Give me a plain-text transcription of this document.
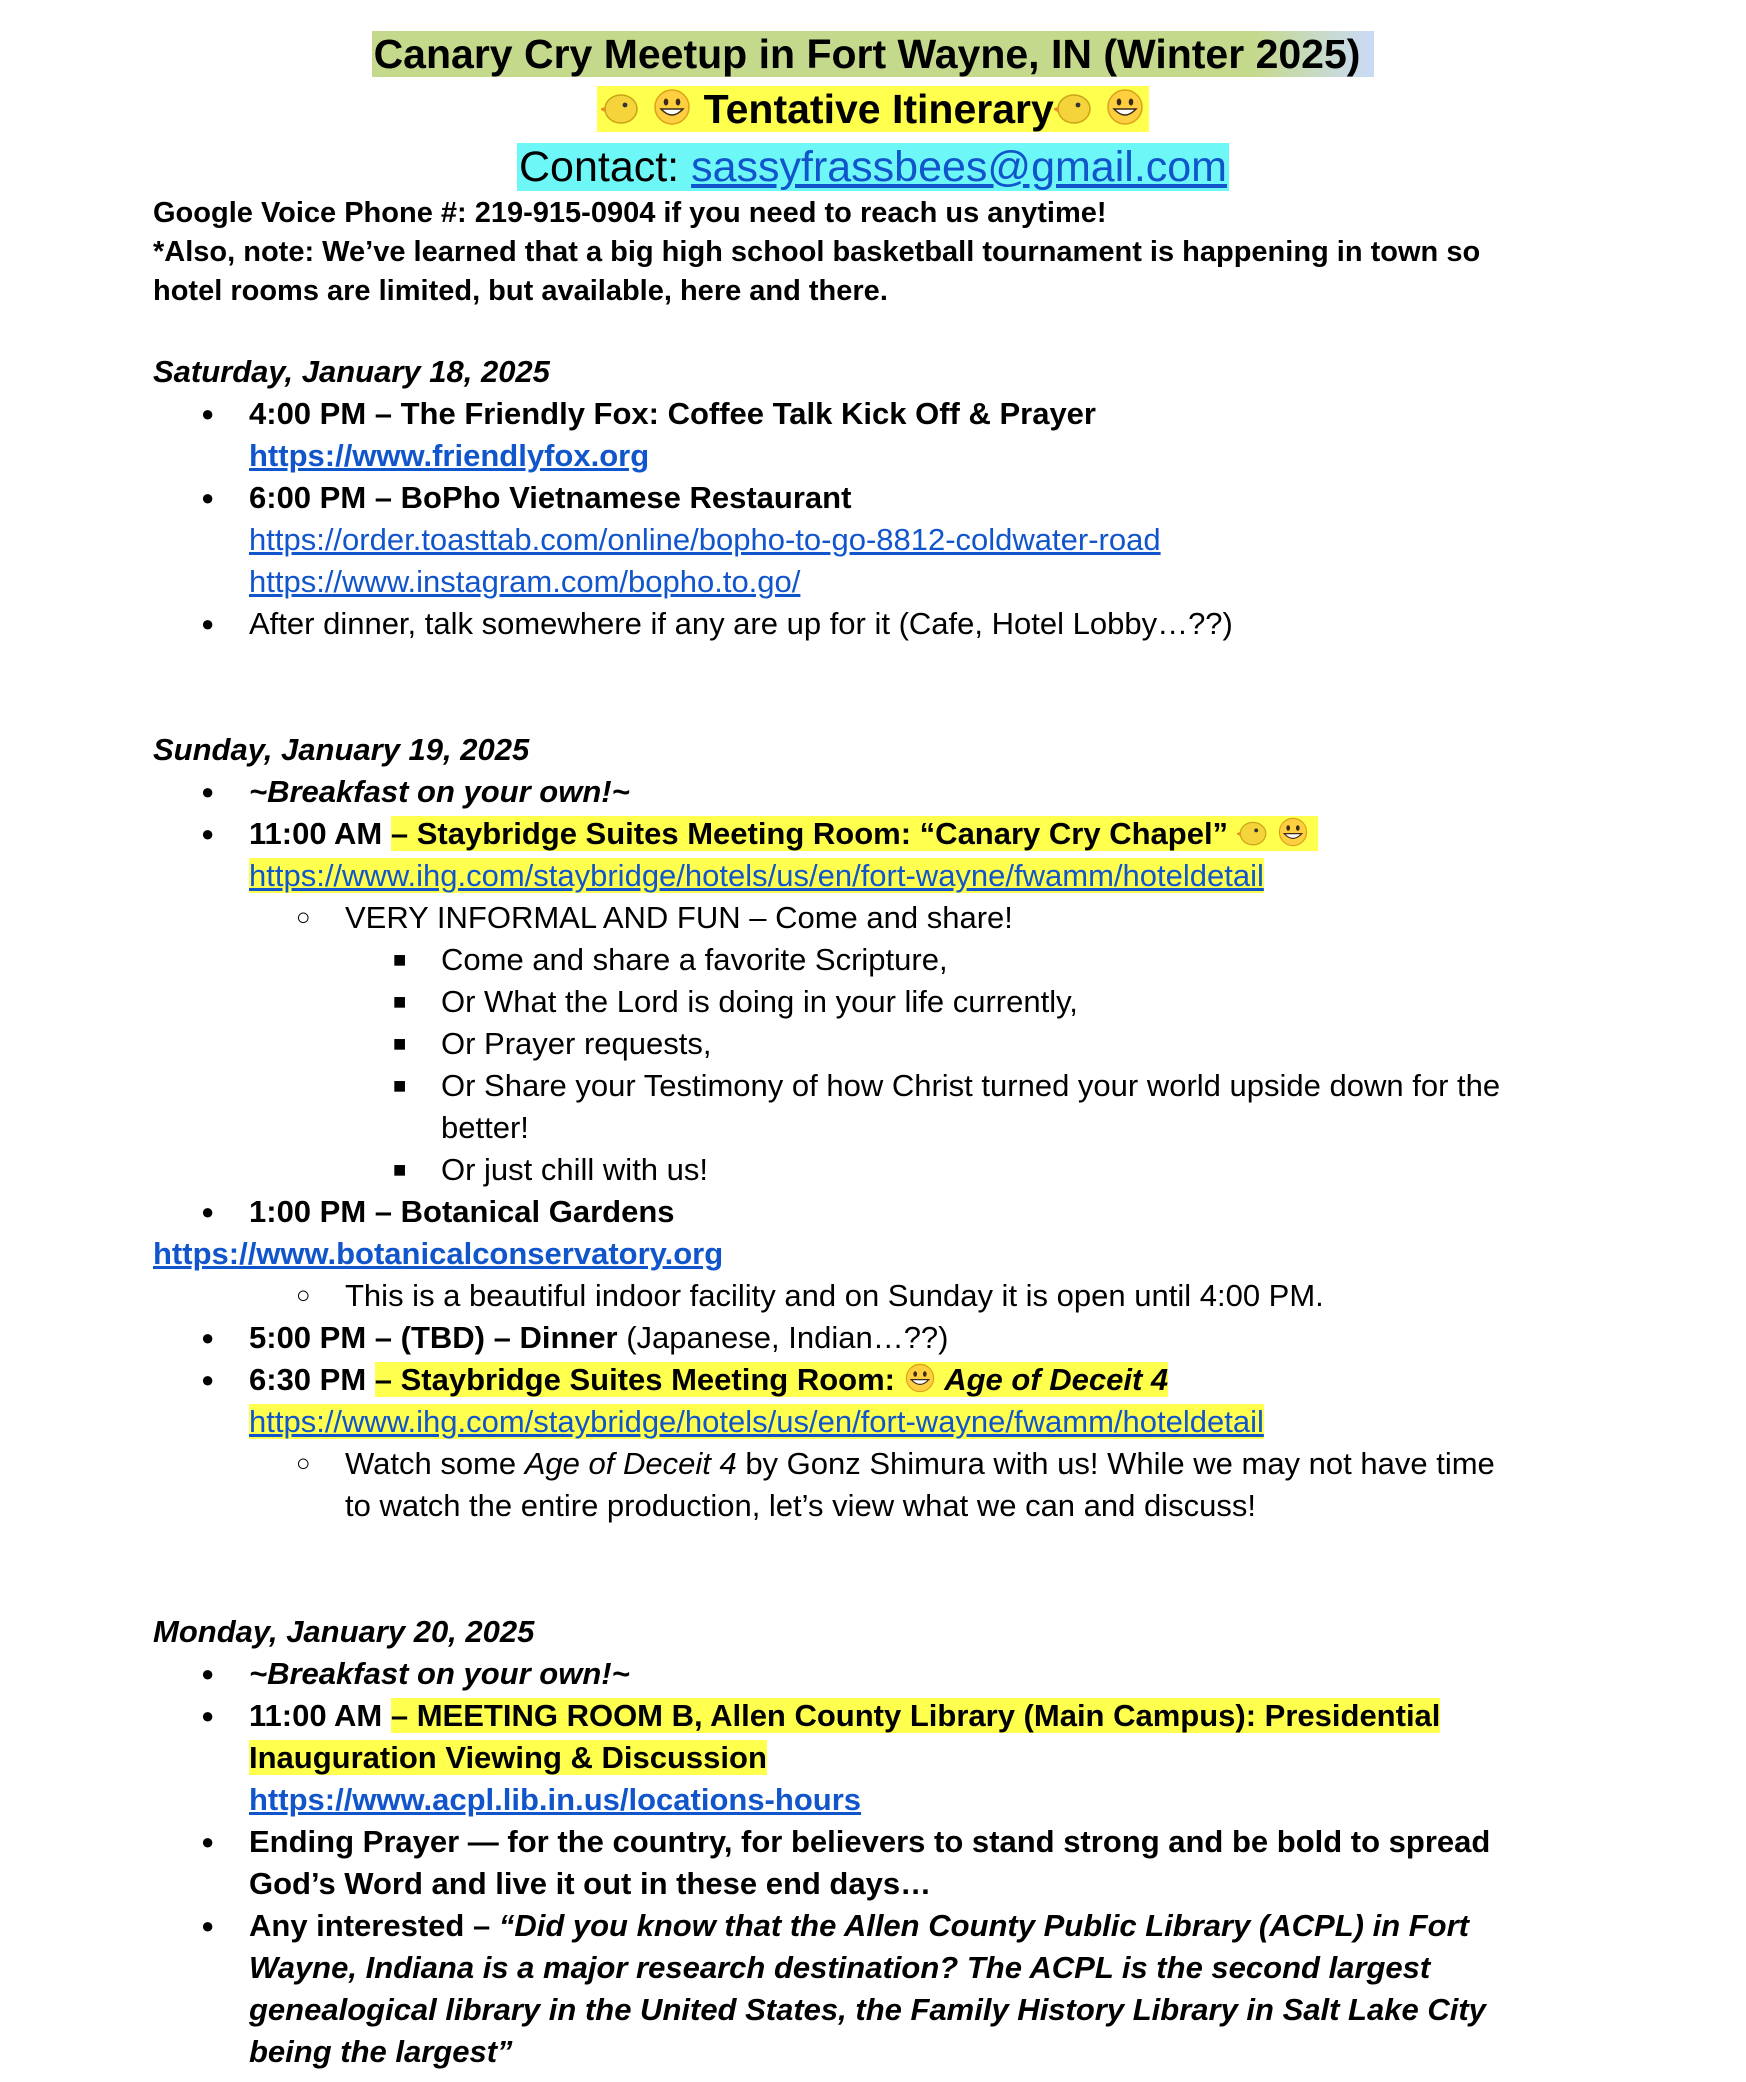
Canary Cry Meetup in Fort Wayne, IN (Winter 2025)

Tentative Itinerary

Contact: sassyfrassbees@gmail.com
Google Voice Phone #: 219-915-0904 if you need to reach us anytime!
*Also, note: We’ve learned that a big high school basketball tournament is happening in town so hotel rooms are limited, but available, here and there.
Saturday, January 18, 2025
● 4:00 PM – The Friendly Fox: Coffee Talk Kick Off & Prayer
https://www.friendlyfox.org
● 6:00 PM – BoPho Vietnamese Restaurant
https://order.toasttab.com/online/bopho-to-go-8812-coldwater-road
https://www.instagram.com/bopho.to.go/
● After dinner, talk somewhere if any are up for it (Cafe, Hotel Lobby…??)
Sunday, January 19, 2025
● ~Breakfast on your own!~
● 11:00 AM – Staybridge Suites Meeting Room: “Canary Cry Chapel”

https://www.ihg.com/staybridge/hotels/us/en/fort-wayne/fwamm/hoteldetail
○ VERY INFORMAL AND FUN – Come and share!
■ Come and share a favorite Scripture,
■ Or What the Lord is doing in your life currently,
■ Or Prayer requests,
■ Or Share your Testimony of how Christ turned your world upside down for the better!
■ Or just chill with us!
● 1:00 PM – Botanical Gardens
https://www.botanicalconservatory.org
○ This is a beautiful indoor facility and on Sunday it is open until 4:00 PM.
● 5:00 PM – (TBD) – Dinner (Japanese, Indian…??)
● 6:30 PM – Staybridge Suites Meeting Room:
Age of Deceit 4
https://www.ihg.com/staybridge/hotels/us/en/fort-wayne/fwamm/hoteldetail
○ Watch some Age of Deceit 4 by Gonz Shimura with us! While we may not have time to watch the entire production, let’s view what we can and discuss!
Monday, January 20, 2025
● ~Breakfast on your own!~
● 11:00 AM – MEETING ROOM B, Allen County Library (Main Campus): Presidential Inauguration Viewing & Discussion
https://www.acpl.lib.in.us/locations-hours
● Ending Prayer — for the country, for believers to stand strong and be bold to spread God’s Word and live it out in these end days…
● Any interested – “Did you know that the Allen County Public Library (ACPL) in Fort Wayne, Indiana is a major research destination? The ACPL is the second largest genealogical library in the United States, the Family History Library in Salt Lake City being the largest”
